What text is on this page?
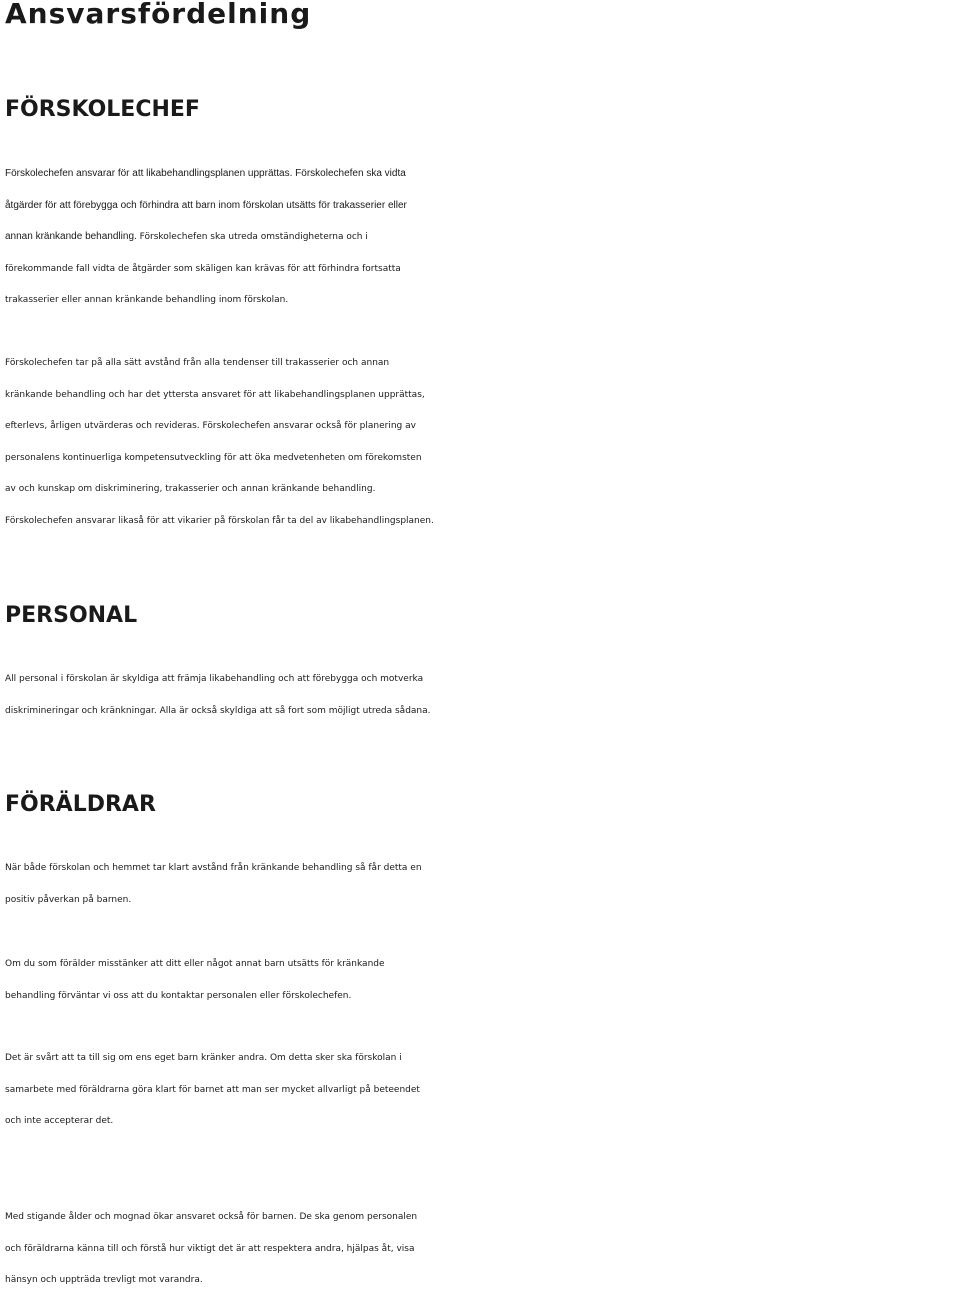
Ansvarsfördelning
FÖRSKOLECHEF

Förskolechefen ansvarar för att likabehandlingsplanen upprättas. Förskolechefen ska vidta
åtgärder för att förebygga och förhindra att barn inom förskolan utsätts för trakasserier eller
annan kränkande behandling. Förskolechefen ska utreda omständigheterna och i
förekommande fall vidta de åtgärder som skäligen kan krävas för att förhindra fortsatta
trakasserier eller annan kränkande behandling inom förskolan.

Förskolechefen tar på alla sätt avstånd från alla tendenser till trakasserier och annan
kränkande behandling och har det yttersta ansvaret för att likabehandlingsplanen upprättas,
efterlevs, årligen utvärderas och revideras. Förskolechefen ansvarar också för planering av
personalens kontinuerliga kompetensutveckling för att öka medvetenheten om förekomsten
av och kunskap om diskriminering, trakasserier och annan kränkande behandling.
Förskolechefen ansvarar likaså för att vikarier på förskolan får ta del av likabehandlingsplanen.

PERSONAL

All personal i förskolan är skyldiga att främja likabehandling och att förebygga och motverka
diskrimineringar och kränkningar. Alla är också skyldiga att så fort som möjligt utreda sådana.

FÖRÄLDRAR

När både förskolan och hemmet tar klart avstånd från kränkande behandling så får detta en
positiv påverkan på barnen.

Om du som förälder misstänker att ditt eller något annat barn utsätts för kränkande
behandling förväntar vi oss att du kontaktar personalen eller förskolechefen.

Det är svårt att ta till sig om ens eget barn kränker andra. Om detta sker ska förskolan i
samarbete med föräldrarna göra klart för barnet att man ser mycket allvarligt på beteendet
och inte accepterar det.

Med stigande ålder och mognad ökar ansvaret också för barnen. De ska genom personalen
och föräldrarna känna till och förstå hur viktigt det är att respektera andra, hjälpas åt, visa
hänsyn och uppträda trevligt mot varandra.
